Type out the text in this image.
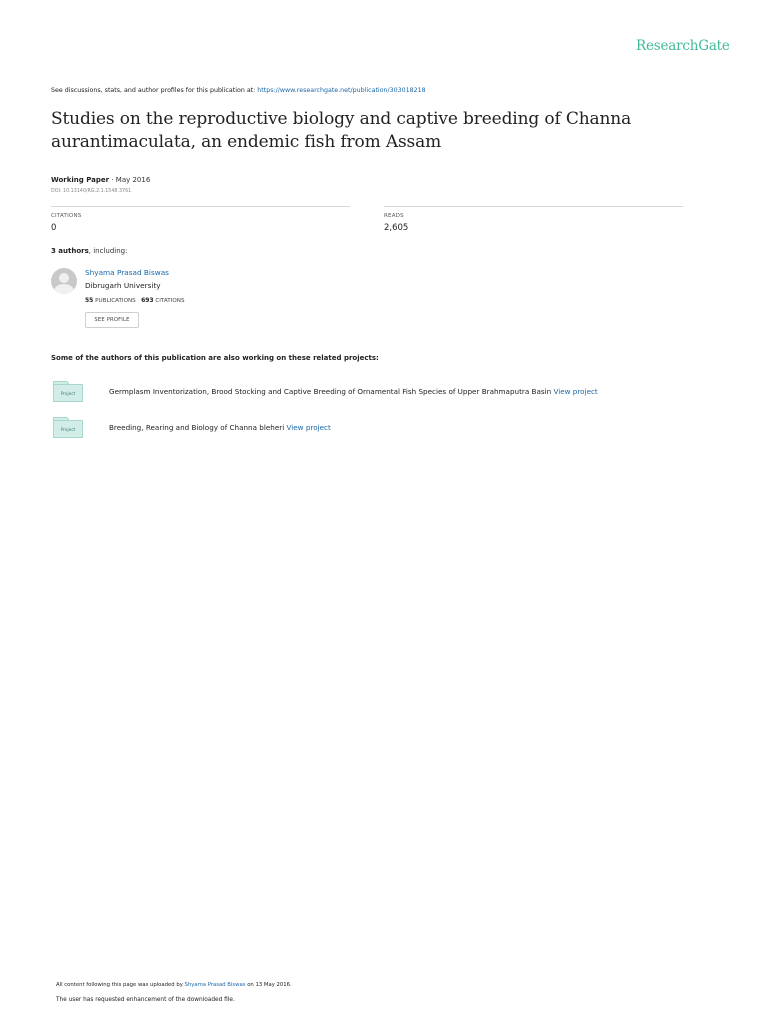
ResearchGate
See discussions, stats, and author profiles for this publication at: https://www.researchgate.net/publication/303018218
Studies on the reproductive biology and captive breeding of Channa aurantimaculata, an endemic fish from Assam
Working Paper · May 2016
DOI: 10.13140/RG.2.1.1548.3761
CITATIONS
0
READS
2,605
3 authors, including:
Shyama Prasad Biswas
Dibrugarh University
55 PUBLICATIONS 693 CITATIONS
SEE PROFILE
Some of the authors of this publication are also working on these related projects:
Project	Germplasm Inventorization, Brood Stocking and Captive Breeding of Ornamental Fish Species of Upper Brahmaputra Basin View project
Project	Breeding, Rearing and Biology of Channa bleheri View project
All content following this page was uploaded by Shyama Prasad Biswas on 13 May 2016.
The user has requested enhancement of the downloaded file.
